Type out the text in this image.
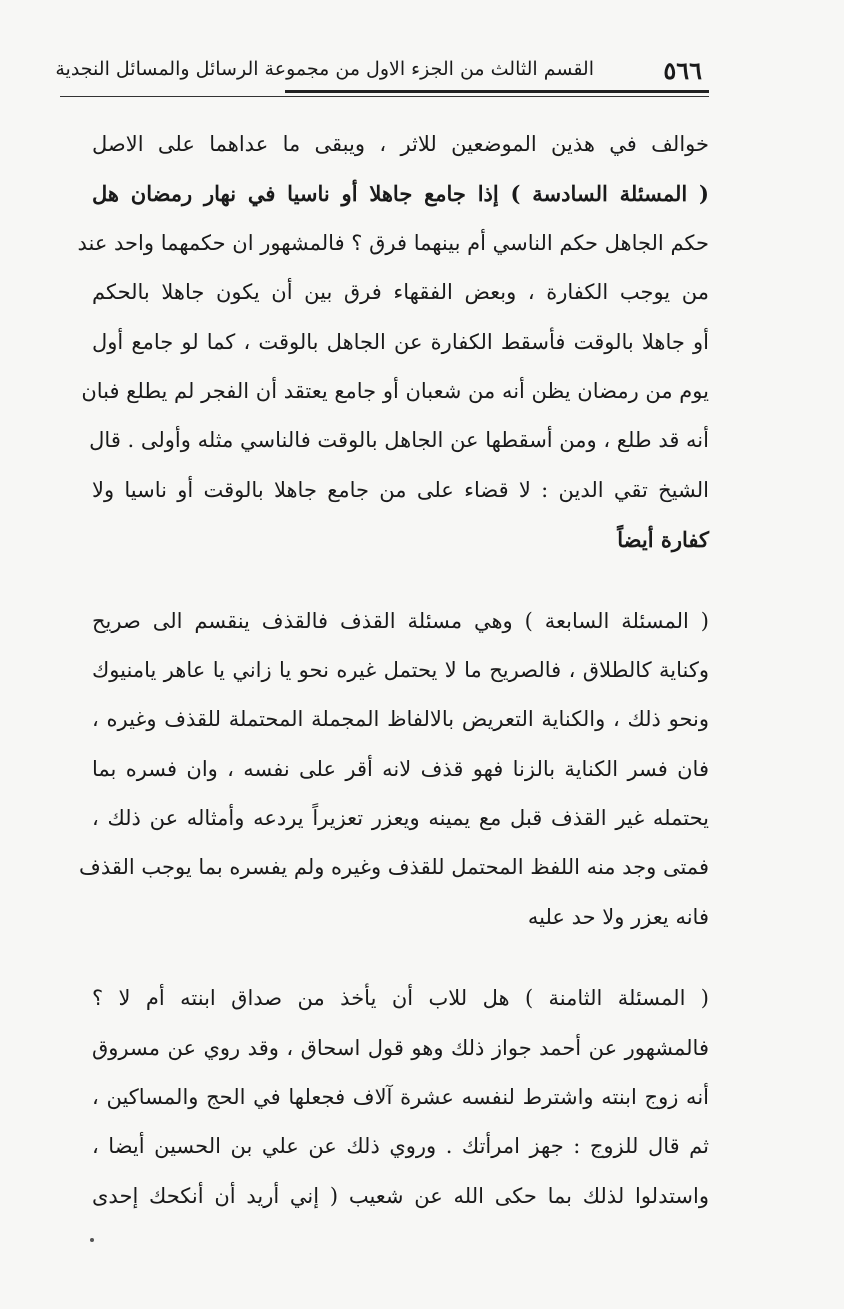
٥٦٦
القسم الثالث من الجزء الاول من مجموعة الرسائل والمسائل النجدية
خوالف في هذين الموضعين للاثر ، ويبقى ما عداهما على الاصل
( المسئلة السادسة ) إذا جامع جاهلا أو ناسيا في نهار رمضان هل
حكم الجاهل حكم الناسي أم بينهما فرق ؟ فالمشهور ان حكمهما واحد عند
من يوجب الكفارة ، وبعض الفقهاء فرق بين أن يكون جاهلا بالحكم
أو جاهلا بالوقت فأسقط الكفارة عن الجاهل بالوقت ، كما لو جامع أول
يوم من رمضان يظن أنه من شعبان أو جامع يعتقد أن الفجر لم يطلع فبان
أنه قد طلع ، ومن أسقطها عن الجاهل بالوقت فالناسي مثله وأولى . قال
الشيخ تقي الدين : لا قضاء على من جامع جاهلا بالوقت أو ناسيا ولا
كفارة أيضاً
( المسئلة السابعة ) وهي مسئلة القذف فالقذف ينقسم الى صريح
وكناية كالطلاق ، فالصريح ما لا يحتمل غيره نحو يا زاني يا عاهر يامنيوك
ونحو ذلك ، والكناية التعريض بالالفاظ المجملة المحتملة للقذف وغيره ،
فان فسر الكناية بالزنا فهو قذف لانه أقر على نفسه ، وان فسره بما
يحتمله غير القذف قبل مع يمينه ويعزر تعزيراً يردعه وأمثاله عن ذلك ،
فمتى وجد منه اللفظ المحتمل للقذف وغيره ولم يفسره بما يوجب القذف
فانه يعزر ولا حد عليه
( المسئلة الثامنة ) هل للاب أن يأخذ من صداق ابنته أم لا ؟
فالمشهور عن أحمد جواز ذلك وهو قول اسحاق ، وقد روي عن مسروق
أنه زوج ابنته واشترط لنفسه عشرة آلاف فجعلها في الحج والمساكين ،
ثم قال للزوج : جهز امرأتك . وروي ذلك عن علي بن الحسين أيضا ،
واستدلوا لذلك بما حكى الله عن شعيب ( إني أريد أن أنكحك إحدى
